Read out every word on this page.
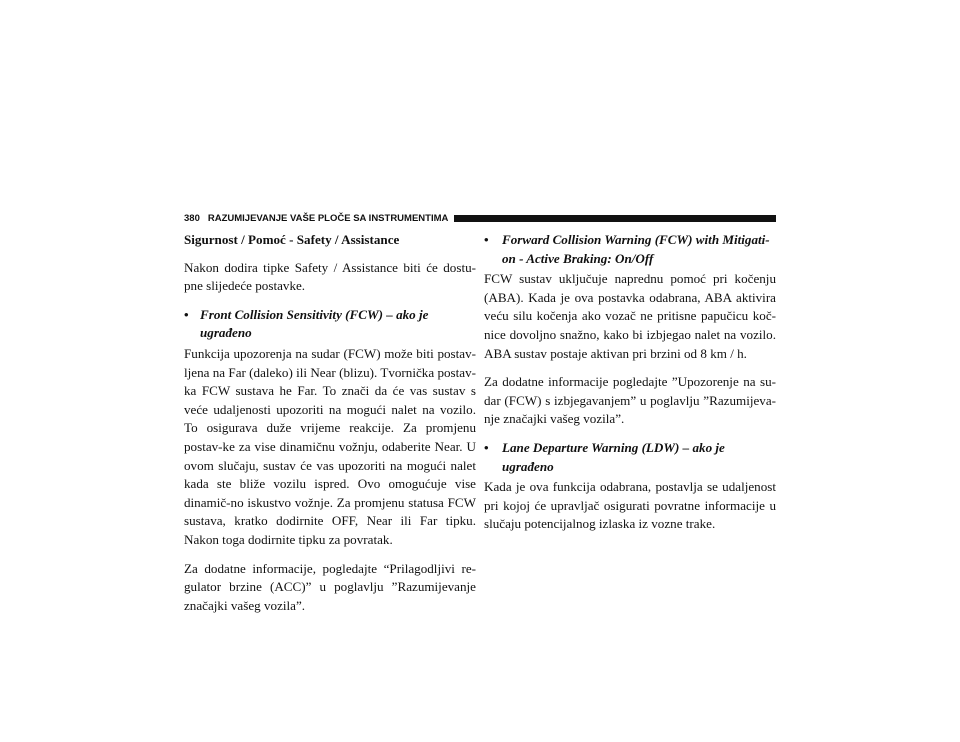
380 RAZUMIJEVANJE VAŠE PLOČE SA INSTRUMENTIMA
Sigurnost / Pomoć - Safety / Assistance

Nakon dodira tipke Safety / Assistance biti će dostu-pne slijedeće postavke.

• Front Collision Sensitivity (FCW) – ako je ugrađeno

Funkcija upozorenja na sudar (FCW) može biti postav-ljena na Far (daleko) ili Near (blizu). Tvornička postav-ka FCW sustava he Far. To znači da će vas sustav s veće udaljenosti upozoriti na mogući nalet na vozilo. To osigurava duže vrijeme reakcije. Za promjenu postav-ke za vise dinamičnu vožnju, odaberite Near. U ovom slučaju, sustav će vas upozoriti na mogući nalet kada ste bliže vozilu ispred. Ovo omogućuje vise dinamič-no iskustvo vožnje. Za promjenu statusa FCW sustava, kratko dodirnite OFF, Near ili Far tipku. Nakon toga dodirnite tipku za povratak.

Za dodatne informacije, pogledajte “Prilagodljivi re-gulator brzine (ACC)” u poglavlju ”Razumijevanje značajki vašeg vozila”.

•	Forward Collision Warning (FCW) with Mitigati-on - Active Braking: On/Off

FCW sustav uključuje naprednu pomoć pri kočenju (ABA). Kada je ova postavka odabrana, ABA aktivira veću silu kočenja ako vozač ne pritisne papučicu koč-nice dovoljno snažno, kako bi izbjegao nalet na vozilo. ABA sustav postaje aktivan pri brzini od 8 km / h.

Za dodatne informacije pogledajte ”Upozorenje na su-dar (FCW) s izbjegavanjem” u poglavlju ”Razumijeva-nje značajki vašeg vozila”.

•	Lane Departure Warning (LDW) – ako je ugrađeno

Kada je ova funkcija odabrana, postavlja se udaljenost pri kojoj će upravljač osigurati povratne informacije u slučaju potencijalnog izlaska iz vozne trake.
